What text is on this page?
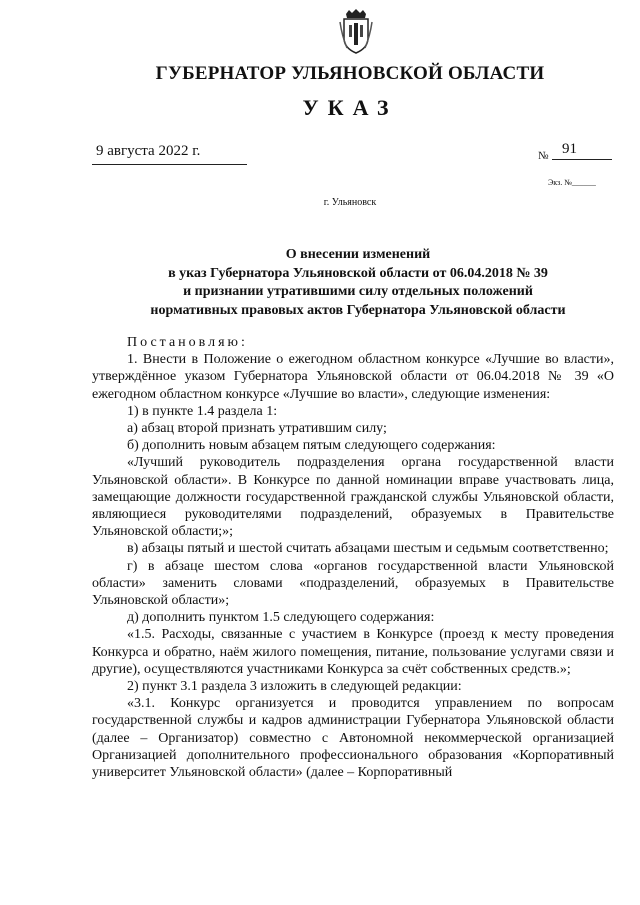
ГУБЕРНАТОР УЛЬЯНОВСКОЙ ОБЛАСТИ
УКАЗ
9 августа 2022 г.	№ 91
Экз. №______
г. Ульяновск
О внесении изменений
в указ Губернатора Ульяновской области от 06.04.2018 № 39
и признании утратившими силу отдельных положений
нормативных правовых актов Губернатора Ульяновской области

Постановляю:

1. Внести в Положение о ежегодном областном конкурсе «Лучшие во власти», утверждённое указом Губернатора Ульяновской области от 06.04.2018 № 39 «О ежегодном областном конкурсе «Лучшие во власти», следующие изменения:

1) в пункте 1.4 раздела 1:

а) абзац второй признать утратившим силу;

б) дополнить новым абзацем пятым следующего содержания:

«Лучший руководитель подразделения органа государственной власти Ульяновской области». В Конкурсе по данной номинации вправе участвовать лица, замещающие должности государственной гражданской службы Ульяновской области, являющиеся руководителями подразделений, образуемых в Правительстве Ульяновской области;»;

в) абзацы пятый и шестой считать абзацами шестым и седьмым соответственно;

г) в абзаце шестом слова «органов государственной власти Ульяновской области» заменить словами «подразделений, образуемых в Правительстве Ульяновской области»;

д) дополнить пунктом 1.5 следующего содержания:

«1.5. Расходы, связанные с участием в Конкурсе (проезд к месту проведения Конкурса и обратно, наём жилого помещения, питание, пользование услугами связи и другие), осуществляются участниками Конкурса за счёт собственных средств.»;

2) пункт 3.1 раздела 3 изложить в следующей редакции:

«3.1. Конкурс организуется и проводится управлением по вопросам государственной службы и кадров администрации Губернатора Ульяновской области (далее – Организатор) совместно с Автономной некоммерческой организацией Организацией дополнительного профессионального образования «Корпоративный университет Ульяновской области» (далее – Корпоративный
